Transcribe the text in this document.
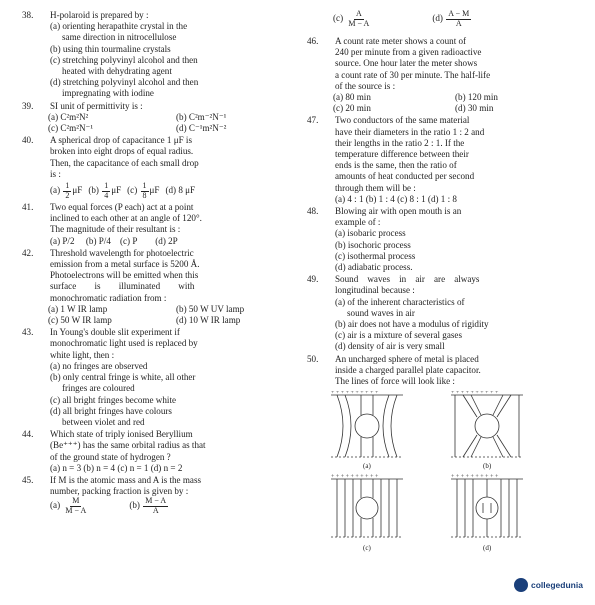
38. H-polaroid is prepared by :
(a) orienting herapathite crystal in the
same direction in nitrocellulose
(b) using thin tourmaline crystals
(c) stretching polyvinyl alcohol and then
heated with dehydrating agent
(d) stretching polyvinyl alcohol and then
impregnating with iodine
39. SI unit of permittivity is :
(a) C²m²N²	(b) C²m⁻²N⁻¹
(c) C²m²N⁻¹	(d) C⁻¹m²N⁻²
40. A spherical drop of capacitance 1 μF is
broken into eight drops of equal radius.
Then, the capacitance of each small drop
is :
$(a) \frac{1}{2}$ μF $(b) \frac{1}{4}$ μF $(c) \frac{1}{8}$ μF (d) 8 μF
41. Two equal forces (P each) act at a point
inclined to each other at an angle of 120°.
The magnitude of their resultant is :
(a) P/2     (b) P/4    (c) P        (d) 2P
42. Threshold wavelength for photoelectric
emission from a metal surface is 5200 Å.
Photoelectrons will be emitted when this
surface        is        illuminated        with
monochromatic radiation from :
(a) 1 W IR lamp	(b) 50 W UV lamp
(c) 50 W IR lamp	(d) 10 W IR lamp
43. In Young's double slit experiment if
monochromatic light used is replaced by
white light, then :
(a) no fringes are observed
(b) only central fringe is white, all other
fringes are coloured
(c) all bright fringes become white
(d) all bright fringes have colours
between violet and red
44. Which state of triply ionised Beryllium
(Be⁺⁺⁺) has the same orbital radius as that
of the ground state of hydrogen ?
(a) n = 3 (b) n = 4 (c) n = 1 (d) n = 2
45. If M is the atomic mass and A is the mass
number, packing fraction is given by :
$(a) \frac{M}{M - A}$	$(b) \frac{M - A}{A}$
$(c) \frac{A}{M - A}$	$(d) \frac{A - M}{A}$
46. A count rate meter shows a count of
240 per minute from a given radioactive
source. One hour later the meter shows
a count rate of 30 per minute. The half-life
of the source is :
(a) 80 min	(b) 120 min
(c) 20 min	(d) 30 min
47. Two conductors of the same material
have their diameters in the ratio 1 : 2 and
their lengths in the ratio 2 : 1. If the
temperature difference between their
ends is the same, then the ratio of
amounts of heat conducted per second
through them will be :
(a) 4 : 1 (b) 1 : 4 (c) 8 : 1 (d) 1 : 8
48. Blowing air with open mouth is an
example of :
(a) isobaric process
(b) isochoric process
(c) isothermal process
(d) adiabatic process.
49. Sound    waves    in    air    are    always
longitudinal because :
(a) of the inherent characteristics of
sound waves in air
(b) air does not have a modulus of rigidity
(c) air is a mixture of several gases
(d) density of air is very small
50. An uncharged sphere of metal is placed
inside a charged parallel plate capacitor.
The lines of force will look like :
+ + + + + + + + + +
(a)
+ + + + + + + + + +
(b)
+ + + + + + + + + +
(c)
+ + + + + + + + + +
(d)
collegedunia
